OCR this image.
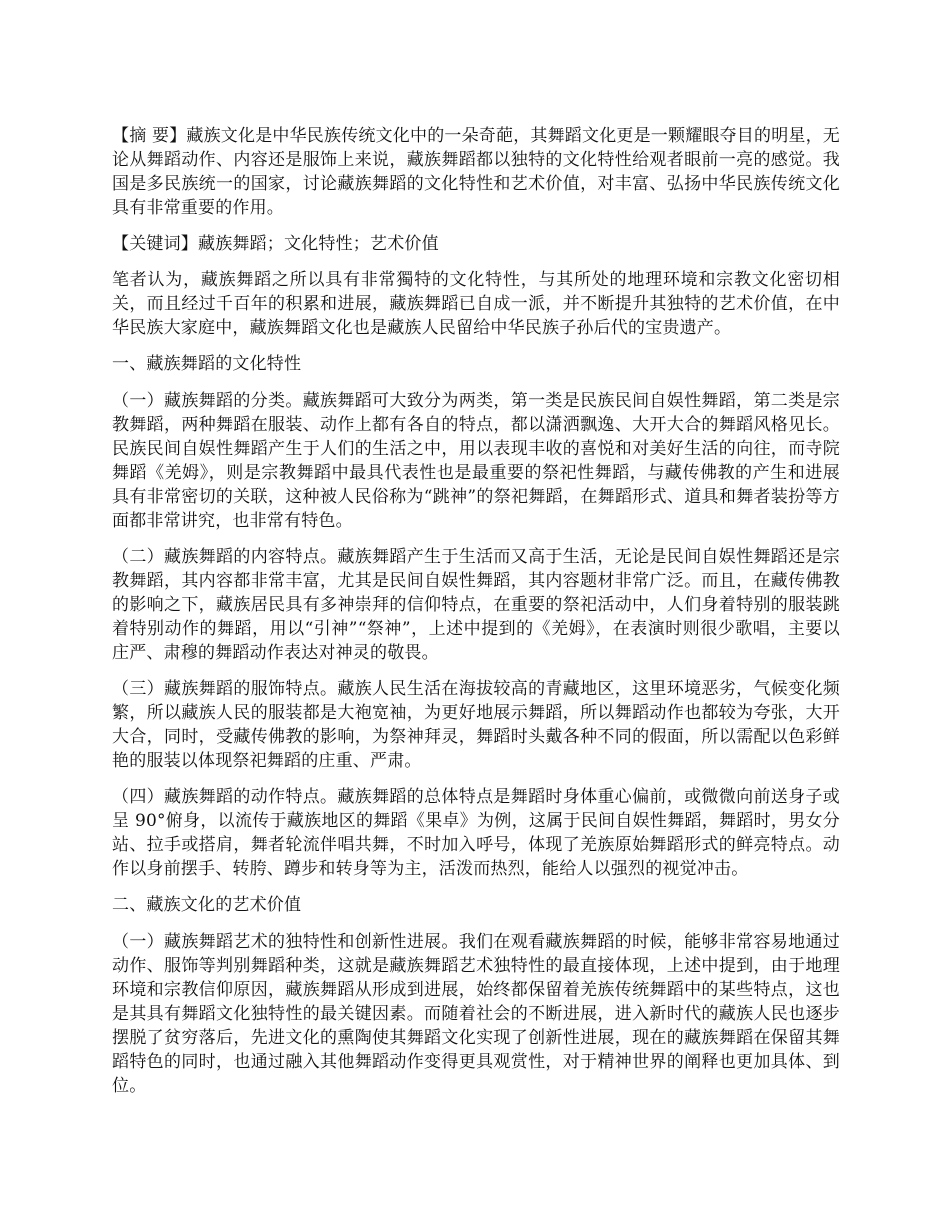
【摘 要】藏族文化是中华民族传统文化中的一朵奇葩，其舞蹈文化更是一颗耀眼夺目的明星，无论从舞蹈动作、内容还是服饰上来说，藏族舞蹈都以独特的文化特性给观者眼前一亮的感觉。我国是多民族统一的国家，讨论藏族舞蹈的文化特性和艺术价值，对丰富、弘扬中华民族传统文化具有非常重要的作用。

【关键词】藏族舞蹈；文化特性；艺术价值

笔者认为，藏族舞蹈之所以具有非常獨特的文化特性，与其所处的地理环境和宗教文化密切相关，而且经过千百年的积累和进展，藏族舞蹈已自成一派，并不断提升其独特的艺术价值，在中华民族大家庭中，藏族舞蹈文化也是藏族人民留给中华民族子孙后代的宝贵遗产。

一、藏族舞蹈的文化特性

（一）藏族舞蹈的分类。藏族舞蹈可大致分为两类，第一类是民族民间自娱性舞蹈，第二类是宗教舞蹈，两种舞蹈在服装、动作上都有各自的特点，都以潇洒飘逸、大开大合的舞蹈风格见长。民族民间自娱性舞蹈产生于人们的生活之中，用以表现丰收的喜悦和对美好生活的向往，而寺院舞蹈《羌姆》，则是宗教舞蹈中最具代表性也是最重要的祭祀性舞蹈，与藏传佛教的产生和进展具有非常密切的关联，这种被人民俗称为“跳神”的祭祀舞蹈，在舞蹈形式、道具和舞者装扮等方面都非常讲究，也非常有特色。

（二）藏族舞蹈的内容特点。藏族舞蹈产生于生活而又高于生活，无论是民间自娱性舞蹈还是宗教舞蹈，其内容都非常丰富，尤其是民间自娱性舞蹈，其内容题材非常广泛。而且，在藏传佛教的影响之下，藏族居民具有多神崇拜的信仰特点，在重要的祭祀活动中，人们身着特别的服装跳着特别动作的舞蹈，用以“引神”“祭神”，上述中提到的《羌姆》，在表演时则很少歌唱，主要以庄严、肃穆的舞蹈动作表达对神灵的敬畏。

（三）藏族舞蹈的服饰特点。藏族人民生活在海拔较高的青藏地区，这里环境恶劣，气候变化频繁，所以藏族人民的服装都是大袍宽袖，为更好地展示舞蹈，所以舞蹈动作也都较为夸张，大开大合，同时，受藏传佛教的影响，为祭神拜灵，舞蹈时头戴各种不同的假面，所以需配以色彩鲜艳的服装以体现祭祀舞蹈的庄重、严肃。

（四）藏族舞蹈的动作特点。藏族舞蹈的总体特点是舞蹈时身体重心偏前，或微微向前送身子或呈 90°俯身，以流传于藏族地区的舞蹈《果卓》为例，这属于民间自娱性舞蹈，舞蹈时，男女分站、拉手或搭肩，舞者轮流伴唱共舞，不时加入呼号，体现了羌族原始舞蹈形式的鲜亮特点。动作以身前摆手、转胯、蹲步和转身等为主，活泼而热烈，能给人以强烈的视觉冲击。

二、藏族文化的艺术价值

（一）藏族舞蹈艺术的独特性和创新性进展。我们在观看藏族舞蹈的时候，能够非常容易地通过动作、服饰等判别舞蹈种类，这就是藏族舞蹈艺术独特性的最直接体现，上述中提到，由于地理环境和宗教信仰原因，藏族舞蹈从形成到进展，始终都保留着羌族传统舞蹈中的某些特点，这也是其具有舞蹈文化独特性的最关键因素。而随着社会的不断进展，进入新时代的藏族人民也逐步摆脱了贫穷落后，先进文化的熏陶使其舞蹈文化实现了创新性进展，现在的藏族舞蹈在保留其舞蹈特色的同时，也通过融入其他舞蹈动作变得更具观赏性，对于精神世界的阐释也更加具体、到位。
